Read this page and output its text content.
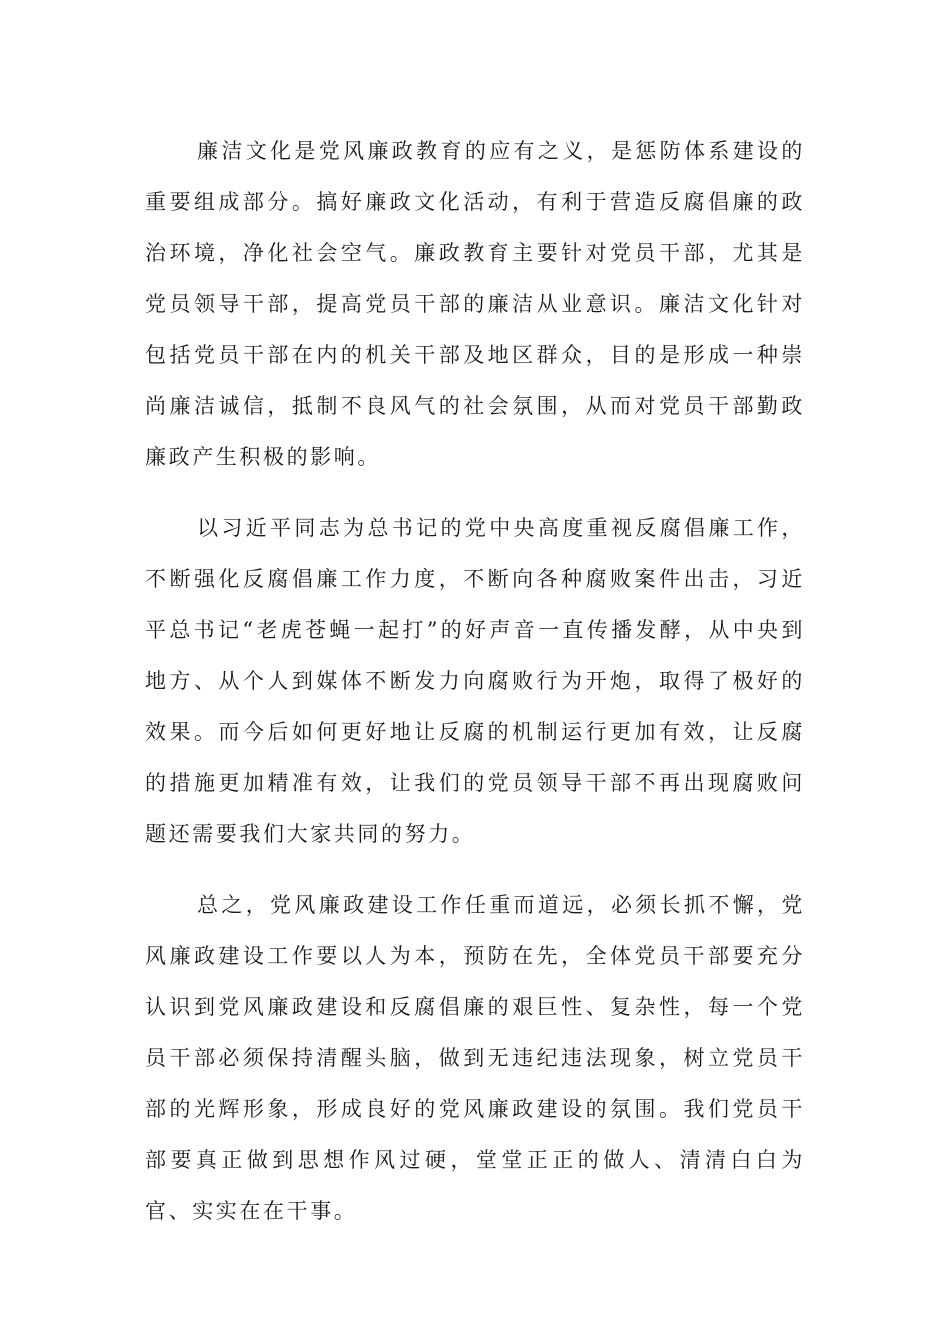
廉洁文化是党风廉政教育的应有之义，是惩防体系建设的重要组成部分。搞好廉政文化活动，有利于营造反腐倡廉的政治环境，净化社会空气。廉政教育主要针对党员干部，尤其是党员领导干部，提高党员干部的廉洁从业意识。廉洁文化针对包括党员干部在内的机关干部及地区群众，目的是形成一种崇尚廉洁诚信，抵制不良风气的社会氛围，从而对党员干部勤政廉政产生积极的影响。

以习近平同志为总书记的党中央高度重视反腐倡廉工作，不断强化反腐倡廉工作力度，不断向各种腐败案件出击，习近平总书记“老虎苍蝇一起打”的好声音一直传播发酵，从中央到地方、从个人到媒体不断发力向腐败行为开炮，取得了极好的效果。而今后如何更好地让反腐的机制运行更加有效，让反腐的措施更加精准有效，让我们的党员领导干部不再出现腐败问题还需要我们大家共同的努力。

总之，党风廉政建设工作任重而道远，必须长抓不懈，党风廉政建设工作要以人为本，预防在先，全体党员干部要充分认识到党风廉政建设和反腐倡廉的艰巨性、复杂性，每一个党员干部必须保持清醒头脑，做到无违纪违法现象，树立党员干部的光辉形象，形成良好的党风廉政建设的氛围。我们党员干部要真正做到思想作风过硬，堂堂正正的做人、清清白白为官、实实在在干事。
